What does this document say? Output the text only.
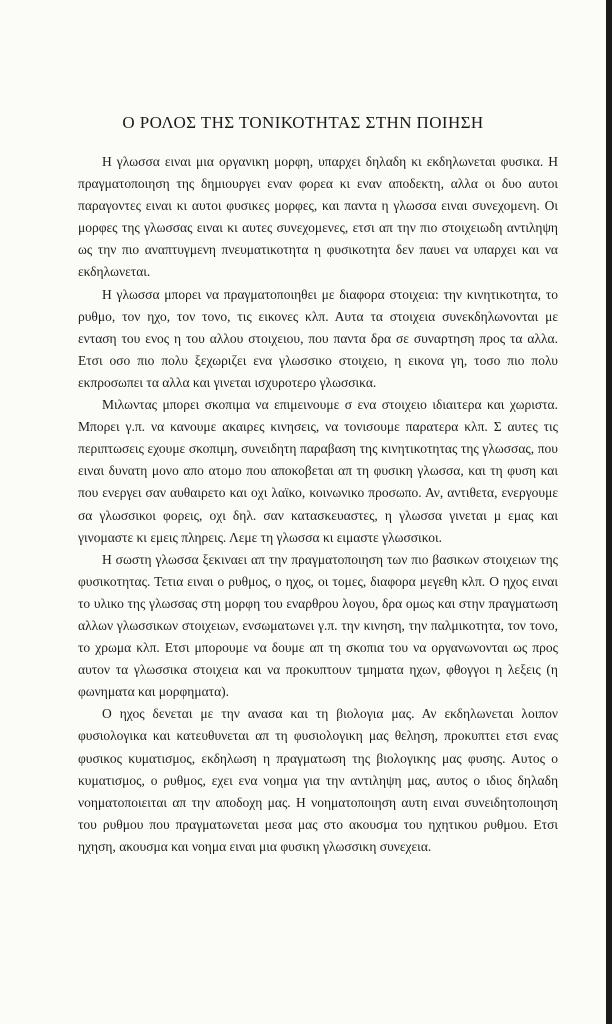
Ο ΡΟΛΟΣ ΤΗΣ ΤΟΝΙΚΟΤΗΤΑΣ ΣΤΗΝ ΠΟΙΗΣΗ

Η γλωσσα ειναι μια οργανικη μορφη, υπαρχει δηλαδη κι εκδηλωνεται φυσικα. Η πραγματοποιηση της δημιουργει εναν φορεα κι εναν αποδεκτη, αλλα οι δυο αυτοι παραγοντες ειναι κι αυτοι φυσικες μορφες, και παντα η γλωσσα ειναι συνεχομενη. Οι μορφες της γλωσσας ειναι κι αυτες συνεχομενες, ετσι απ την πιο στοιχειωδη αντιληψη ως την πιο αναπτυγμενη πνευματικοτητα η φυσικοτητα δεν παυει να υπαρχει και να εκδηλωνεται.

Η γλωσσα μπορει να πραγματοποιηθει με διαφορα στοιχεια: την κινητικοτητα, το ρυθμο, τον ηχο, τον τονο, τις εικονες κλπ. Αυτα τα στοιχεια συνεκδηλωνονται με ενταση του ενος η του αλλου στοιχειου, που παντα δρα σε συναρτηση προς τα αλλα. Ετσι οσο πιο πολυ ξεχωριζει ενα γλωσσικο στοιχειο, η εικονα γη, τοσο πιο πολυ εκπροσωπει τα αλλα και γινεται ισχυροτερο γλωσσικα.

Μιλωντας μπορει σκοπιμα να επιμεινουμε σ ενα στοιχειο ιδιαιτερα και χωριστα. Μπορει γ.π. να κανουμε ακαιρες κινησεις, να τονισουμε παρατερα κλπ. Σ αυτες τις περιπτωσεις εχουμε σκοπιμη, συνειδητη παραβαση της κινητικοτητας της γλωσσας, που ειναι δυνατη μονο απο ατομο που αποκοβεται απ τη φυσικη γλωσσα, και τη φυση και που ενεργει σαν αυθαιρετο και οχι λαϊκο, κοινωνικο προσωπο. Αν, αντιθετα, ενεργουμε σα γλωσσικοι φορεις, οχι δηλ. σαν κατασκευαστες, η γλωσσα γινεται μ εμας και γινομαστε κι εμεις πληρεις. Λεμε τη γλωσσα κι ειμαστε γλωσσικοι.

Η σωστη γλωσσα ξεκιναει απ την πραγματοποιηση των πιο βασικων στοιχειων της φυσικοτητας. Τετια ειναι ο ρυθμος, ο ηχος, οι τομες, διαφορα μεγεθη κλπ. Ο ηχος ειναι το υλικο της γλωσσας στη μορφη του εναρθρου λογου, δρα ομως και στην πραγματωση αλλων γλωσσικων στοιχειων, ενσωματωνει γ.π. την κινηση, την παλμικοτητα, τον τονο, το χρωμα κλπ. Ετσι μπορουμε να δουμε απ τη σκοπια του να οργανωνονται ως προς αυτον τα γλωσσικα στοιχεια και να προκυπτουν τμηματα ηχων, φθογγοι η λεξεις (η φωνηματα και μορφηματα).

Ο ηχος δενεται με την ανασα και τη βιολογια μας. Αν εκδηλωνεται λοιπον φυσιολογικα και κατευθυνεται απ τη φυσιολογικη μας θεληση, προκυπτει ετσι ενας φυσικος κυματισμος, εκδηλωση η πραγματωση της βιολογικης μας φυσης. Αυτος ο κυματισμος, ο ρυθμος, εχει ενα νοημα για την αντιληψη μας, αυτος ο ιδιος δηλαδη νοηματοποιειται απ την αποδοχη μας. Η νοηματοποιηση αυτη ειναι συνειδητοποιηση του ρυθμου που πραγματωνεται μεσα μας στο ακουσμα του ηχητικου ρυθμου. Ετσι ηχηση, ακουσμα και νοημα ειναι μια φυσικη γλωσσικη συνεχεια.
